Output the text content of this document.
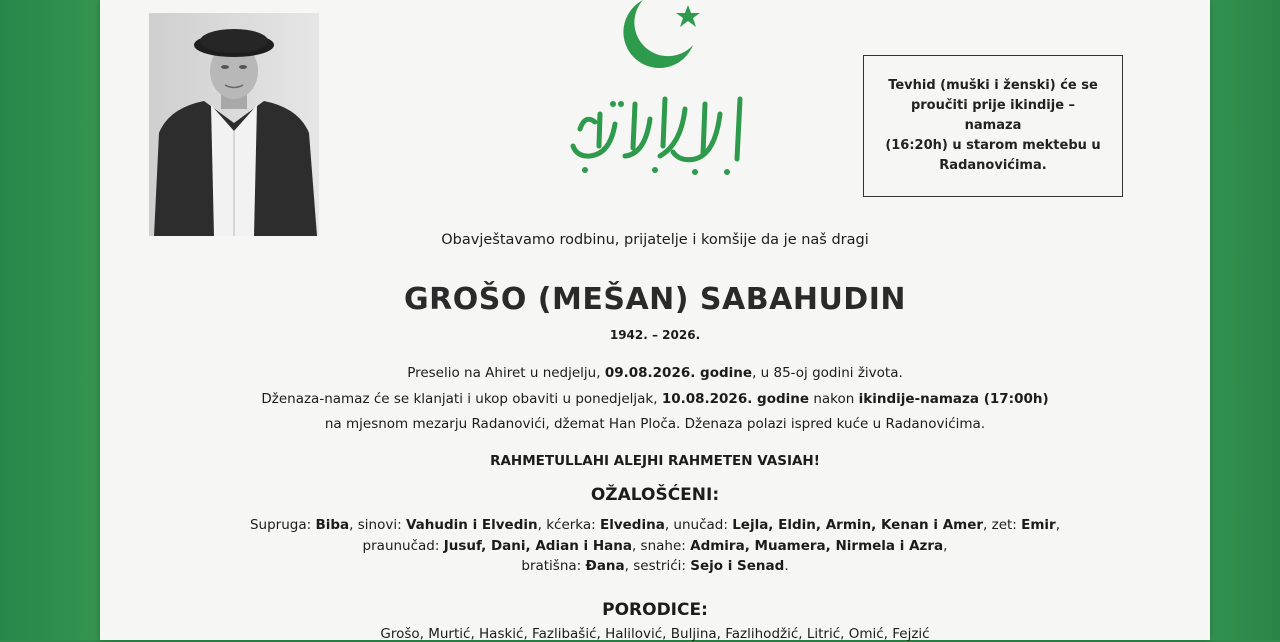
Tevhid (muški i ženski) će se
proučiti prije ikindije – namaza
(16:20h) u starom mektebu u
Radanovićima.
Obavještavamo rodbinu, prijatelje i komšije da je naš dragi
GROŠO (MEŠAN) SABAHUDIN
1942. – 2026.
Preselio na Ahiret u nedjelju, 09.08.2026. godine, u 85-oj godini života.
Dženaza-namaz će se klanjati i ukop obaviti u ponedjeljak, 10.08.2026. godine nakon ikindije-namaza (17:00h)
na mjesnom mezarju Radanovići, džemat Han Ploča. Dženaza polazi ispred kuće u Radanovićima.
RAHMETULLAHI ALEJHI RAHMETEN VASIAH!
OŽALOŠĆENI:
Supruga: Biba, sinovi: Vahudin i Elvedin, kćerka: Elvedina, unučad: Lejla, Eldin, Armin, Kenan i Amer, zet: Emir,
praunučad: Jusuf, Dani, Adian i Hana, snahe: Admira, Muamera, Nirmela i Azra,
bratišna: Đana, sestrići: Sejo i Senad.
PORODICE:
Grošo, Murtić, Haskić, Fazlibašić, Halilović, Buljina, Fazlihodžić, Litrić, Omić, Fejzić
